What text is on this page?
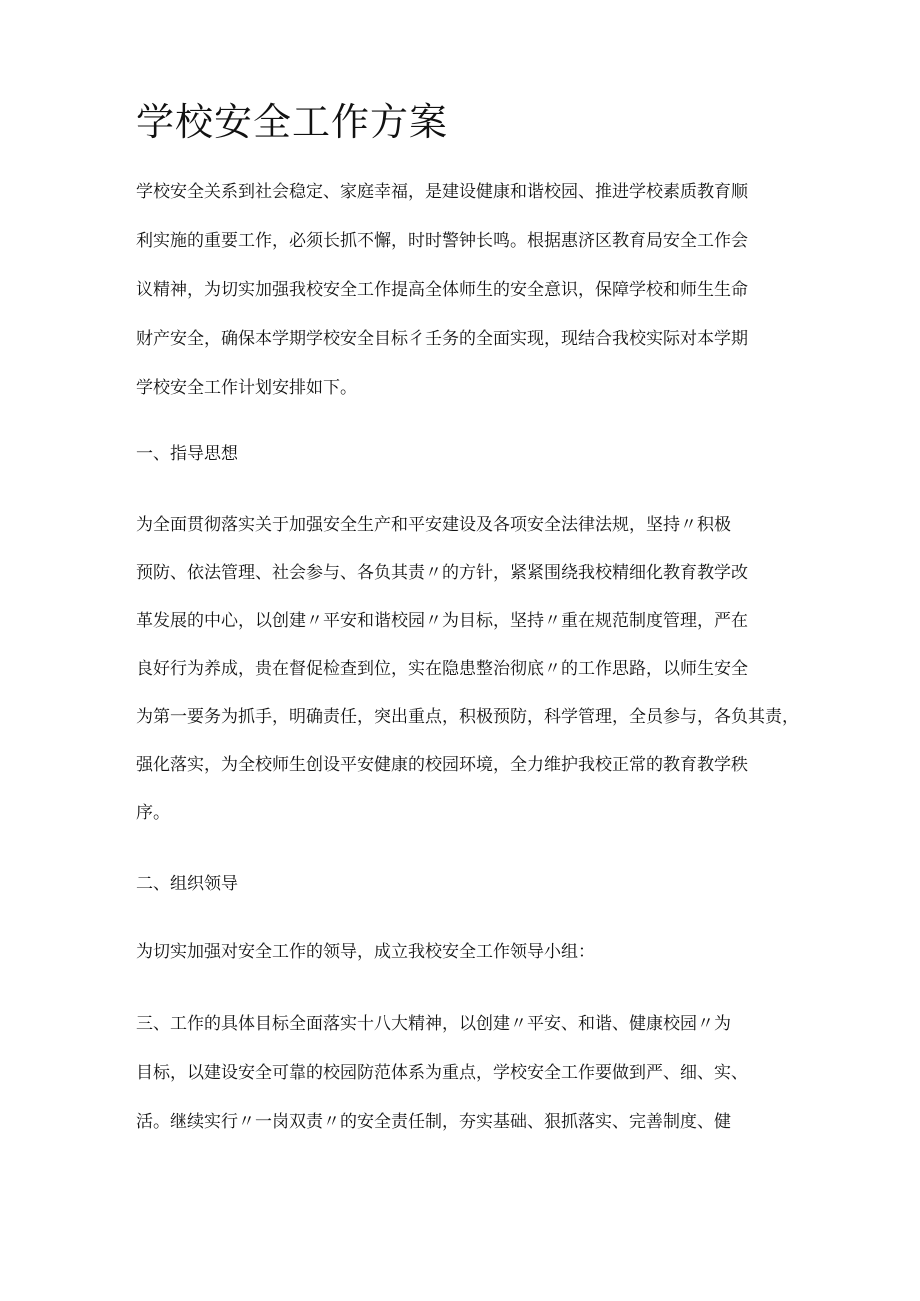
学校安全工作方案
学校安全关系到社会稳定、家庭幸福，是建设健康和谐校园、推进学校素质教育顺
利实施的重要工作，必须长抓不懈，时时警钟长鸣。根据惠济区教育局安全工作会
议精神，为切实加强我校安全工作提高全体师生的安全意识，保障学校和师生生命
财产安全，确保本学期学校安全目标彳壬务的全面实现，现结合我校实际对本学期
学校安全工作计划安排如下。
一、指导思想
为全面贯彻落实关于加强安全生产和平安建设及各项安全法律法规，坚持〃积极
预防、依法管理、社会参与、各负其责〃的方针，紧紧围绕我校精细化教育教学改
革发展的中心，以创建〃平安和谐校园〃为目标，坚持〃重在规范制度管理，严在
良好行为养成，贵在督促检查到位，实在隐患整治彻底〃的工作思路，以师生安全
为第一要务为抓手，明确责任，突出重点，积极预防，科学管理，全员参与，各负其责，
强化落实，为全校师生创设平安健康的校园环境，全力维护我校正常的教育教学秩
序。
二、组织领导
为切实加强对安全工作的领导，成立我校安全工作领导小组：
三、工作的具体目标全面落实十八大精神，以创建〃平安、和谐、健康校园〃为
目标，以建设安全可靠的校园防范体系为重点，学校安全工作要做到严、细、实、
活。继续实行〃一岗双责〃的安全责任制，夯实基础、狠抓落实、完善制度、健
